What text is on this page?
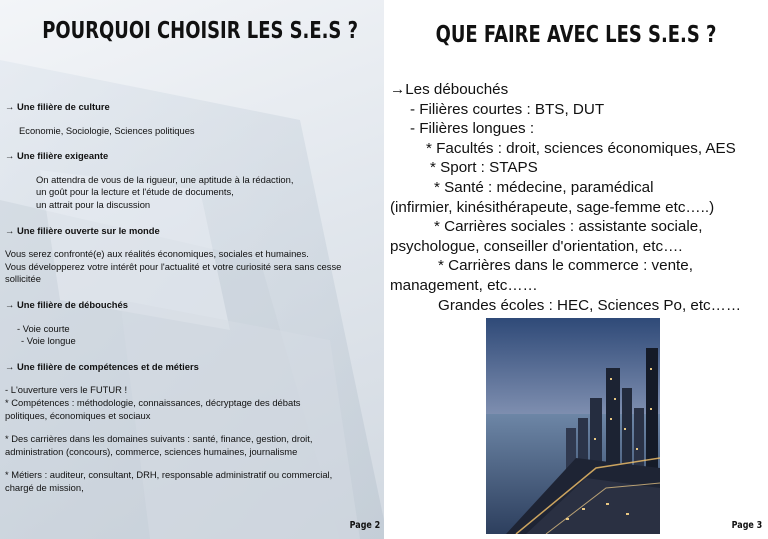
POURQUOI CHOISIR LES S.E.S ?
→ Une filière de culture
Economie, Sociologie, Sciences politiques
→ Une filière exigeante
On attendra de vous de la rigueur, une aptitude à la rédaction,
un goût pour la lecture et l'étude de documents,
un attrait pour la discussion
→ Une filière ouverte sur le monde
Vous serez confronté(e) aux réalités économiques, sociales et humaines.
Vous développerez votre intérêt pour l'actualité et votre curiosité sera sans cesse
sollicitée
→ Une filière de débouchés
- Voie courte
- Voie longue
→ Une filière de compétences et de métiers
- L'ouverture vers le FUTUR !
* Compétences : méthodologie, connaissances, décryptage des débats
politiques, économiques et sociaux
* Des carrières dans les domaines suivants : santé, finance, gestion, droit,
administration (concours), commerce, sciences humaines, journalisme
* Métiers : auditeur, consultant, DRH, responsable administratif ou commercial,
chargé de mission,
Page 2
QUE FAIRE AVEC LES S.E.S ?
→Les débouchés
- Filières courtes : BTS, DUT
- Filières longues :
* Facultés : droit, sciences économiques, AES
* Sport : STAPS
* Santé : médecine, paramédical
(infirmier, kinésithérapeute, sage-femme etc…..)
* Carrières sociales : assistante sociale,
psychologue, conseiller d'orientation, etc….
* Carrières dans le commerce : vente,
management, etc……
Grandes écoles : HEC, Sciences Po, etc……
Page 3
